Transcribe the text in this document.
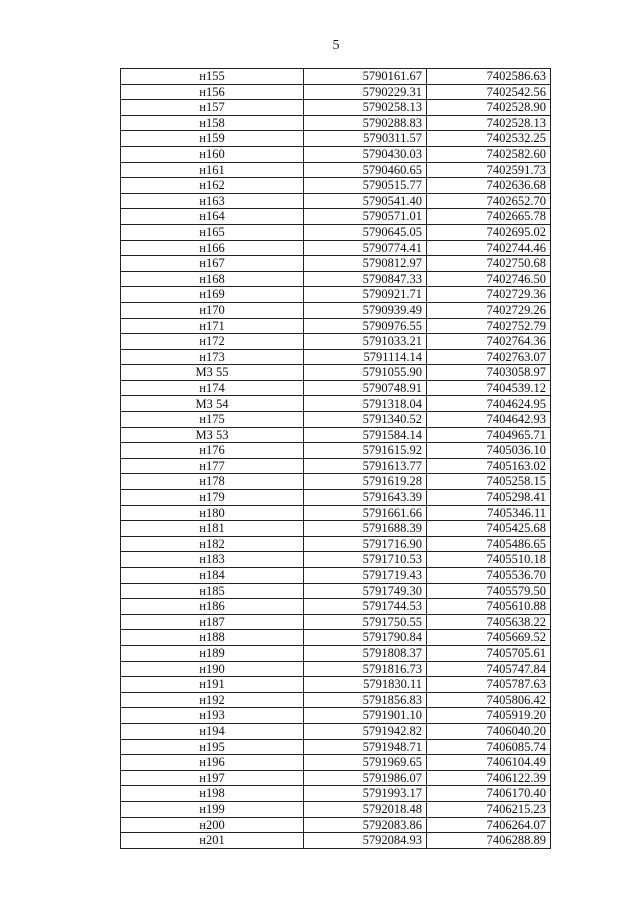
5
н155	5790161.67	7402586.63
н156	5790229.31	7402542.56
н157	5790258.13	7402528.90
н158	5790288.83	7402528.13
н159	5790311.57	7402532.25
н160	5790430.03	7402582.60
н161	5790460.65	7402591.73
н162	5790515.77	7402636.68
н163	5790541.40	7402652.70
н164	5790571.01	7402665.78
н165	5790645.05	7402695.02
н166	5790774.41	7402744.46
н167	5790812.97	7402750.68
н168	5790847.33	7402746.50
н169	5790921.71	7402729.36
н170	5790939.49	7402729.26
н171	5790976.55	7402752.79
н172	5791033.21	7402764.36
н173	5791114.14	7402763.07
МЗ 55	5791055.90	7403058.97
н174	5790748.91	7404539.12
МЗ 54	5791318.04	7404624.95
н175	5791340.52	7404642.93
МЗ 53	5791584.14	7404965.71
н176	5791615.92	7405036.10
н177	5791613.77	7405163.02
н178	5791619.28	7405258.15
н179	5791643.39	7405298.41
н180	5791661.66	7405346.11
н181	5791688.39	7405425.68
н182	5791716.90	7405486.65
н183	5791710.53	7405510.18
н184	5791719.43	7405536.70
н185	5791749.30	7405579.50
н186	5791744.53	7405610.88
н187	5791750.55	7405638.22
н188	5791790.84	7405669.52
н189	5791808.37	7405705.61
н190	5791816.73	7405747.84
н191	5791830.11	7405787.63
н192	5791856.83	7405806.42
н193	5791901.10	7405919.20
н194	5791942.82	7406040.20
н195	5791948.71	7406085.74
н196	5791969.65	7406104.49
н197	5791986.07	7406122.39
н198	5791993.17	7406170.40
н199	5792018.48	7406215.23
н200	5792083.86	7406264.07
н201	5792084.93	7406288.89
